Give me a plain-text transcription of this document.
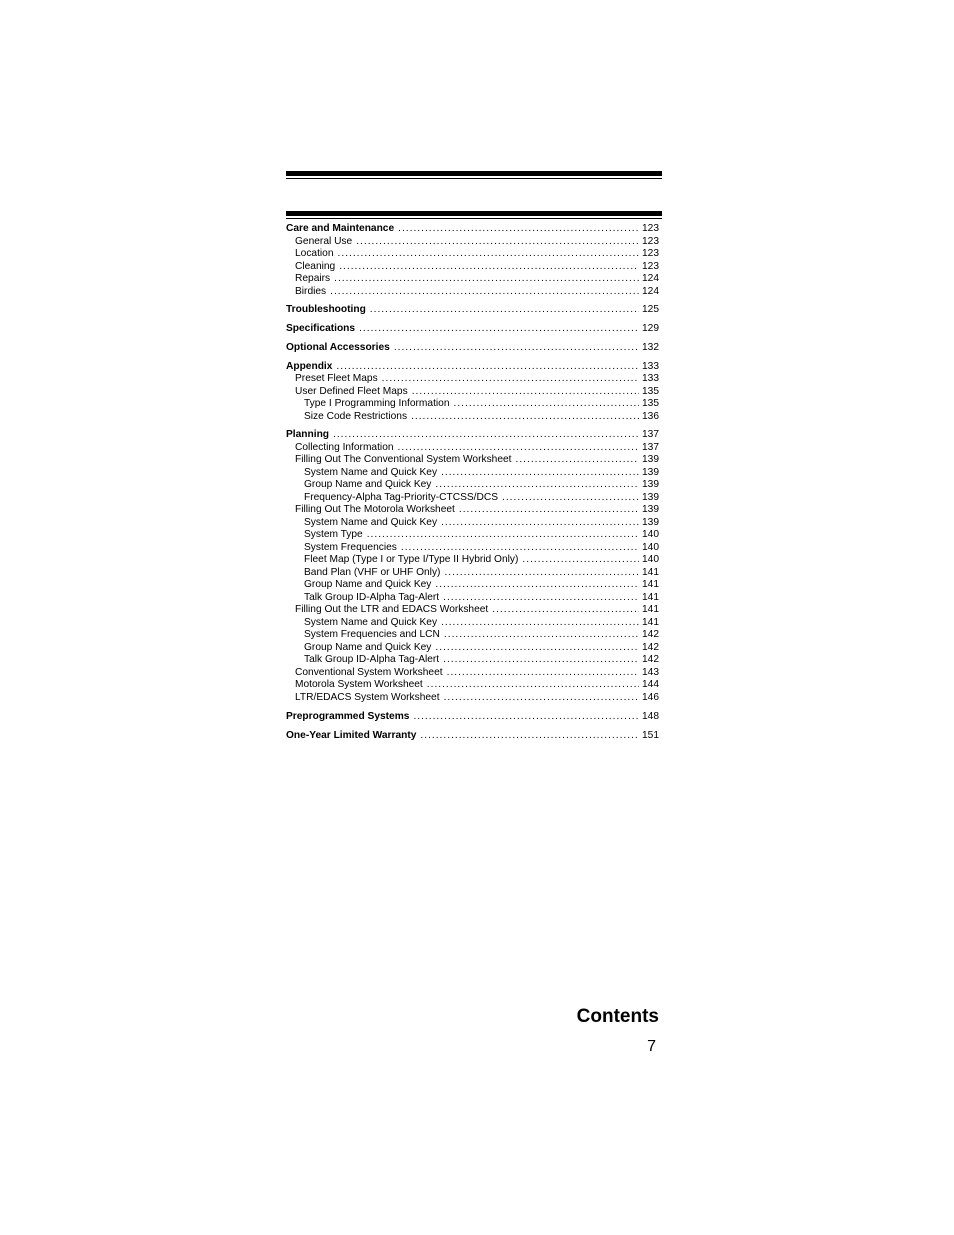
Care and Maintenance .....	123
General Use .....	123
Location .....	123
Cleaning .....	123
Repairs .....	124
Birdies .....	124
Troubleshooting .....	125
Specifications .....	129
Optional Accessories .....	132
Appendix .....	133
Preset Fleet Maps .....	133
User Defined Fleet Maps .....	135
Type I Programming Information .....	135
Size Code Restrictions .....	136
Planning .....	137
Collecting Information .....	137
Filling Out The Conventional System Worksheet .....	139
System Name and Quick Key .....	139
Group Name and Quick Key .....	139
Frequency-Alpha Tag-Priority-CTCSS/DCS .....	139
Filling Out The Motorola Worksheet .....	139
System Name and Quick Key .....	139
System Type .....	140
System Frequencies .....	140
Fleet Map (Type I or Type I/Type II Hybrid Only) .....	140
Band Plan (VHF or UHF Only) .....	141
Group Name and Quick Key .....	141
Talk Group ID-Alpha Tag-Alert .....	141
Filling Out the LTR and EDACS Worksheet .....	141
System Name and Quick Key .....	141
System Frequencies and LCN .....	142
Group Name and Quick Key .....	142
Talk Group ID-Alpha Tag-Alert .....	142
Conventional System Worksheet .....	143
Motorola System Worksheet .....	144
LTR/EDACS System Worksheet .....	146
Preprogrammed Systems .....	148
One-Year Limited Warranty .....	151
Contents
7
